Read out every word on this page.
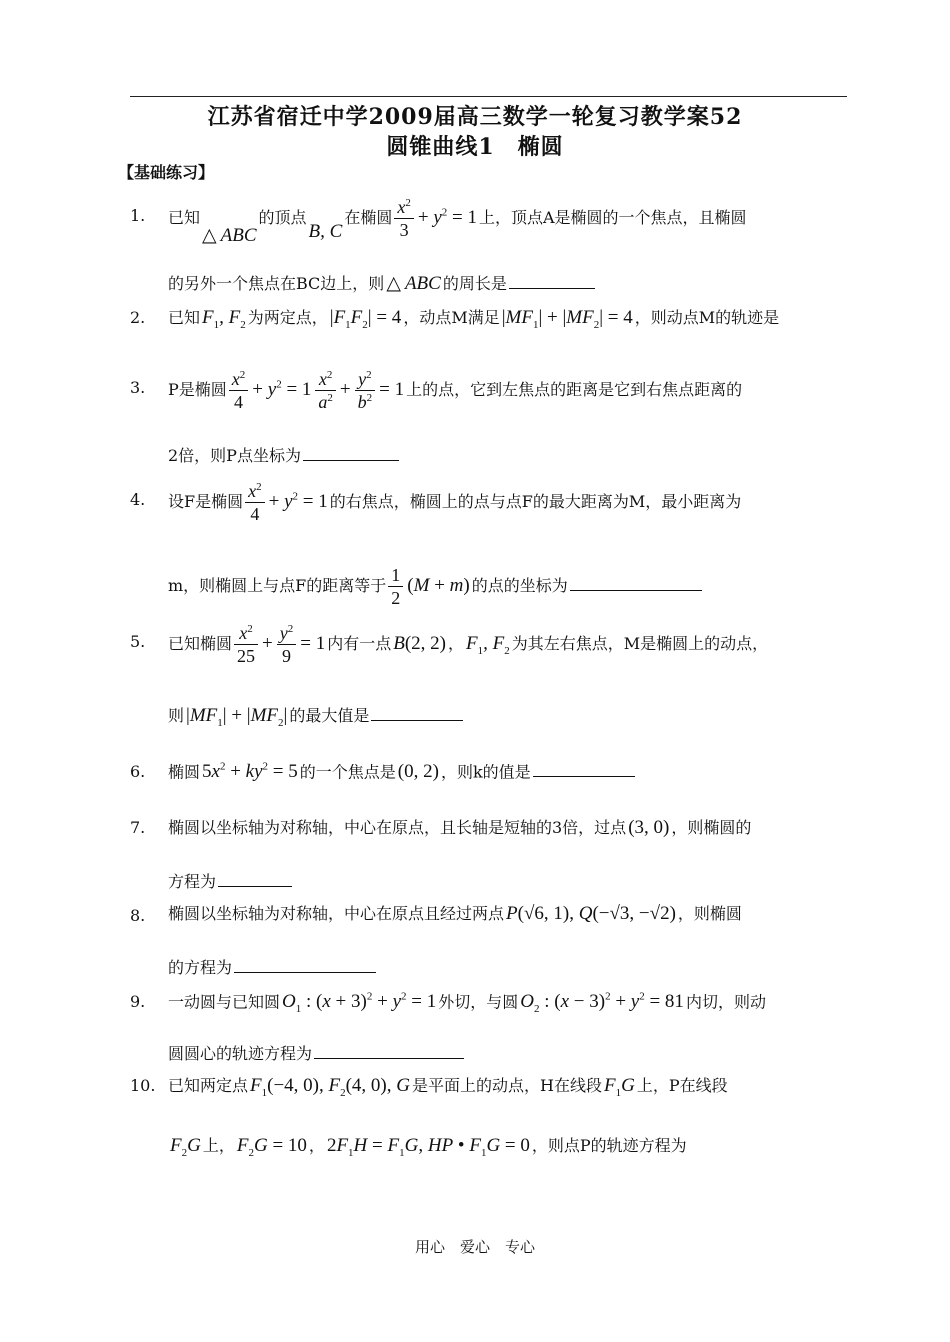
江苏省宿迁中学2009届高三数学一轮复习教学案52
圆锥曲线1　椭圆
【基础练习】
1. 已知△ ABC的顶点B, C在椭圆 $\frac{x^2}{3} + y^2 = 1$ 上，顶点A是椭圆的一个焦点，且椭圆
的另外一个焦点在BC边上，则 △ ABC 的周长是
2. 已知 $F_1$, $F_2$ 为两定点， $|F_1F_2| = 4$ ，动点M满足 $|MF_1| + |MF_2| = 4$ ，则动点M的轨迹是
3. P是椭圆 $\frac{x^2}{4} + y^2 = 1 \frac{x^2}{a^2} + \frac{y^2}{b^2} = 1$ 上的点，它到左焦点的距离是它到右焦点距离的
2倍，则P点坐标为
4. 设F是椭圆 $\frac{x^2}{4} + y^2 = 1$ 的右焦点，椭圆上的点与点F的最大距离为M，最小距离为
m，则椭圆上与点F的距离等于 $\frac{1}{2} (M + m)$ 的点的坐标为
5. 已知椭圆 $\frac{x^2}{25} + \frac{y^2}{9} = 1$ 内有一点 B(2, 2) ， $F_1$, $F_2$ 为其左右焦点，M是椭圆上的动点，
则 $|MF_1| + |MF_2|$ 的最大值是
6. 椭圆 $5x^2 + ky^2 = 5$ 的一个焦点是 (0, 2) ，则k的值是
7. 椭圆以坐标轴为对称轴，中心在原点，且长轴是短轴的3倍，过点 (3, 0) ，则椭圆的
方程为
8. 椭圆以坐标轴为对称轴，中心在原点且经过两点 P(√6, 1), Q(−√3, −√2) ，则椭圆
的方程为
9. 一动圆与已知圆 $O_1$ : $(x + 3)^2 + y^2 = 1$ 外切，与圆 $O_2$ : $(x - 3)^2 + y^2 = 81$ 内切，则动
圆圆心的轨迹方程为
10. 已知两定点 $F_1(-4$, 0), $F_2(4$, 0), G 是平面上的动点，H在线段 $F_1G$ 上，P在线段
$F_2G$ 上， $F_2G = 10$ ， $2F_1H = F_1G$, HP • $F_1G = 0$ ，则点P的轨迹方程为
用心　爱心　专心
